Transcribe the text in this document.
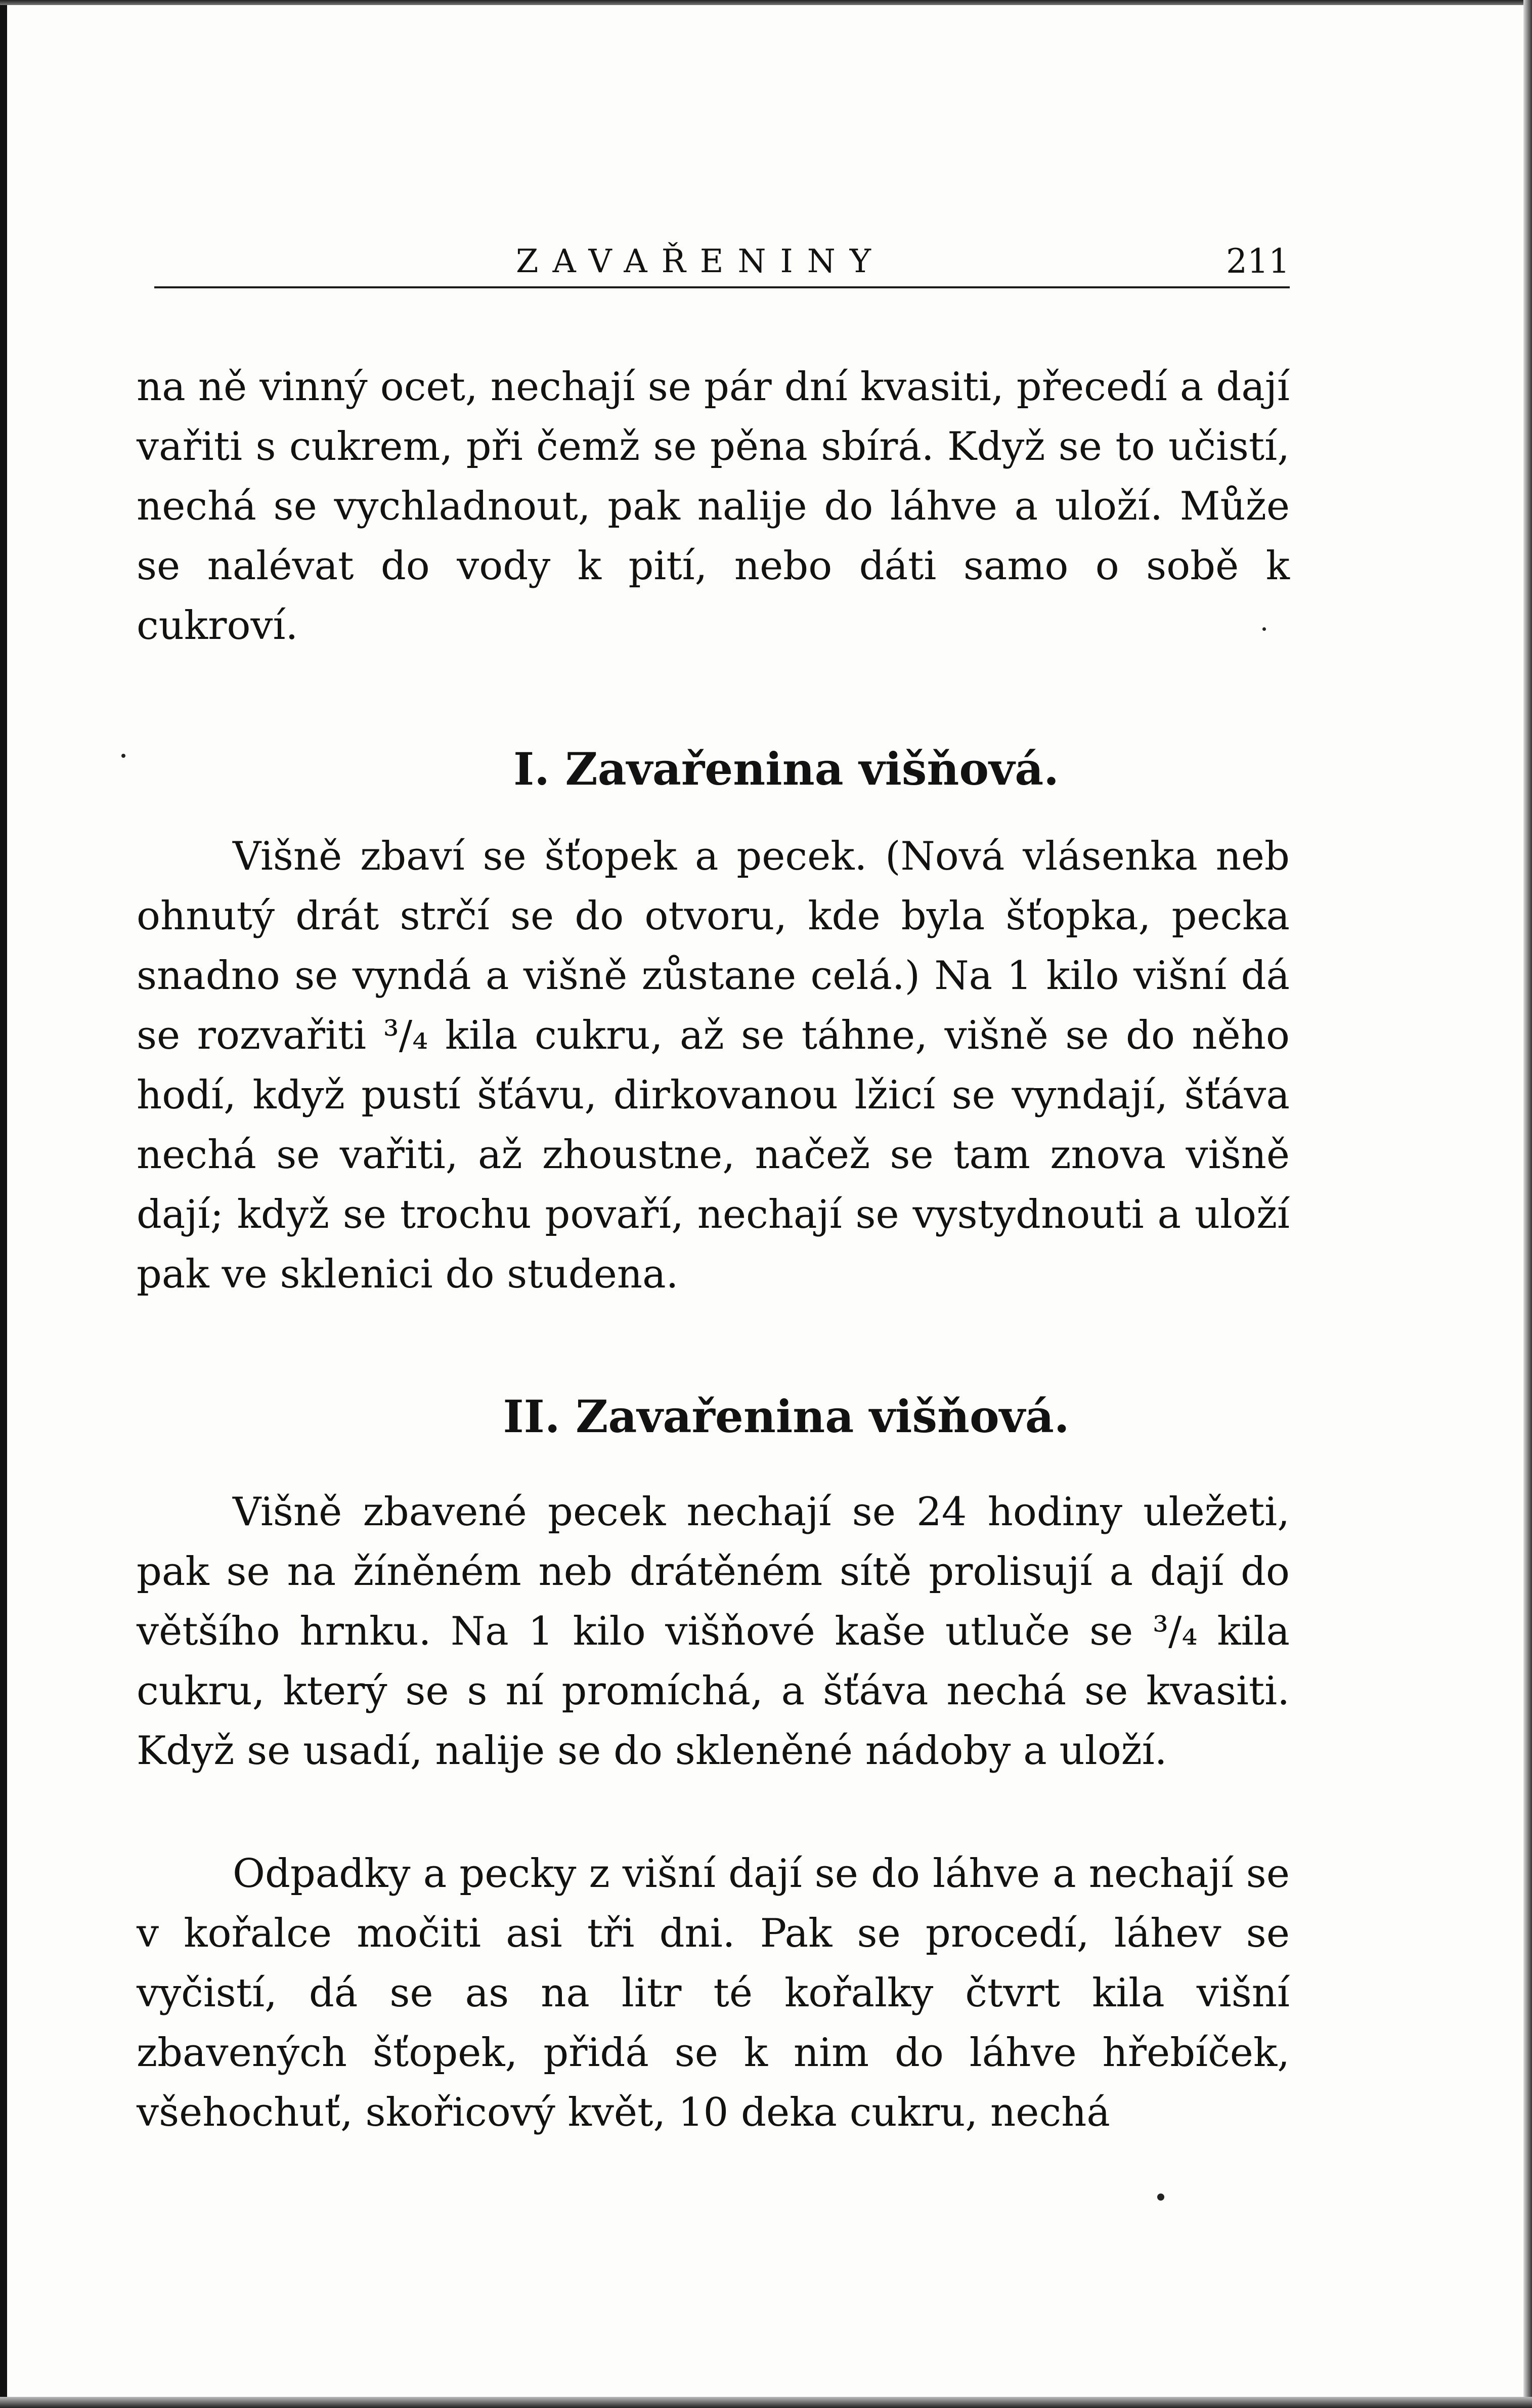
ZAVAŘENINY	211

na ně vinný ocet, nechají se pár dní kvasiti, přecedí a dají vařiti s cukrem, při čemž se pěna sbírá. Když se to učistí, nechá se vychladnout, pak nalije do láhve a uloží. Může se nalévat do vody k pití, nebo dáti samo o sobě k cukroví.

I. Zavařenina višňová.

Višně zbaví se šťopek a pecek. (Nová vlásenka neb ohnutý drát strčí se do otvoru, kde byla šťopka, pecka snadno se vyndá a višně zůstane celá.) Na 1 kilo višní dá se rozvařiti ³/₄ kila cukru, až se táhne, višně se do něho hodí, když pustí šťávu, dirkovanou lžicí se vyndají, šťáva nechá se vařiti, až zhoustne, načež se tam znova višně dají; když se trochu povaří, nechají se vystydnouti a uloží pak ve sklenici do studena.

II. Zavařenina višňová.

Višně zbavené pecek nechají se 24 hodiny uležeti, pak se na žíněném neb drátěném sítě prolisují a dají do většího hrnku. Na 1 kilo višňové kaše utluče se ³/₄ kila cukru, který se s ní promíchá, a šťáva nechá se kvasiti. Když se usadí, nalije se do skleněné nádoby a uloží.

Odpadky a pecky z višní dají se do láhve a nechají se v kořalce močiti asi tři dni. Pak se procedí, láhev se vyčistí, dá se as na litr té kořalky čtvrt kila višní zbavených šťopek, přidá se k nim do láhve hřebíček, všehochuť, skořicový květ, 10 deka cukru, nechá
